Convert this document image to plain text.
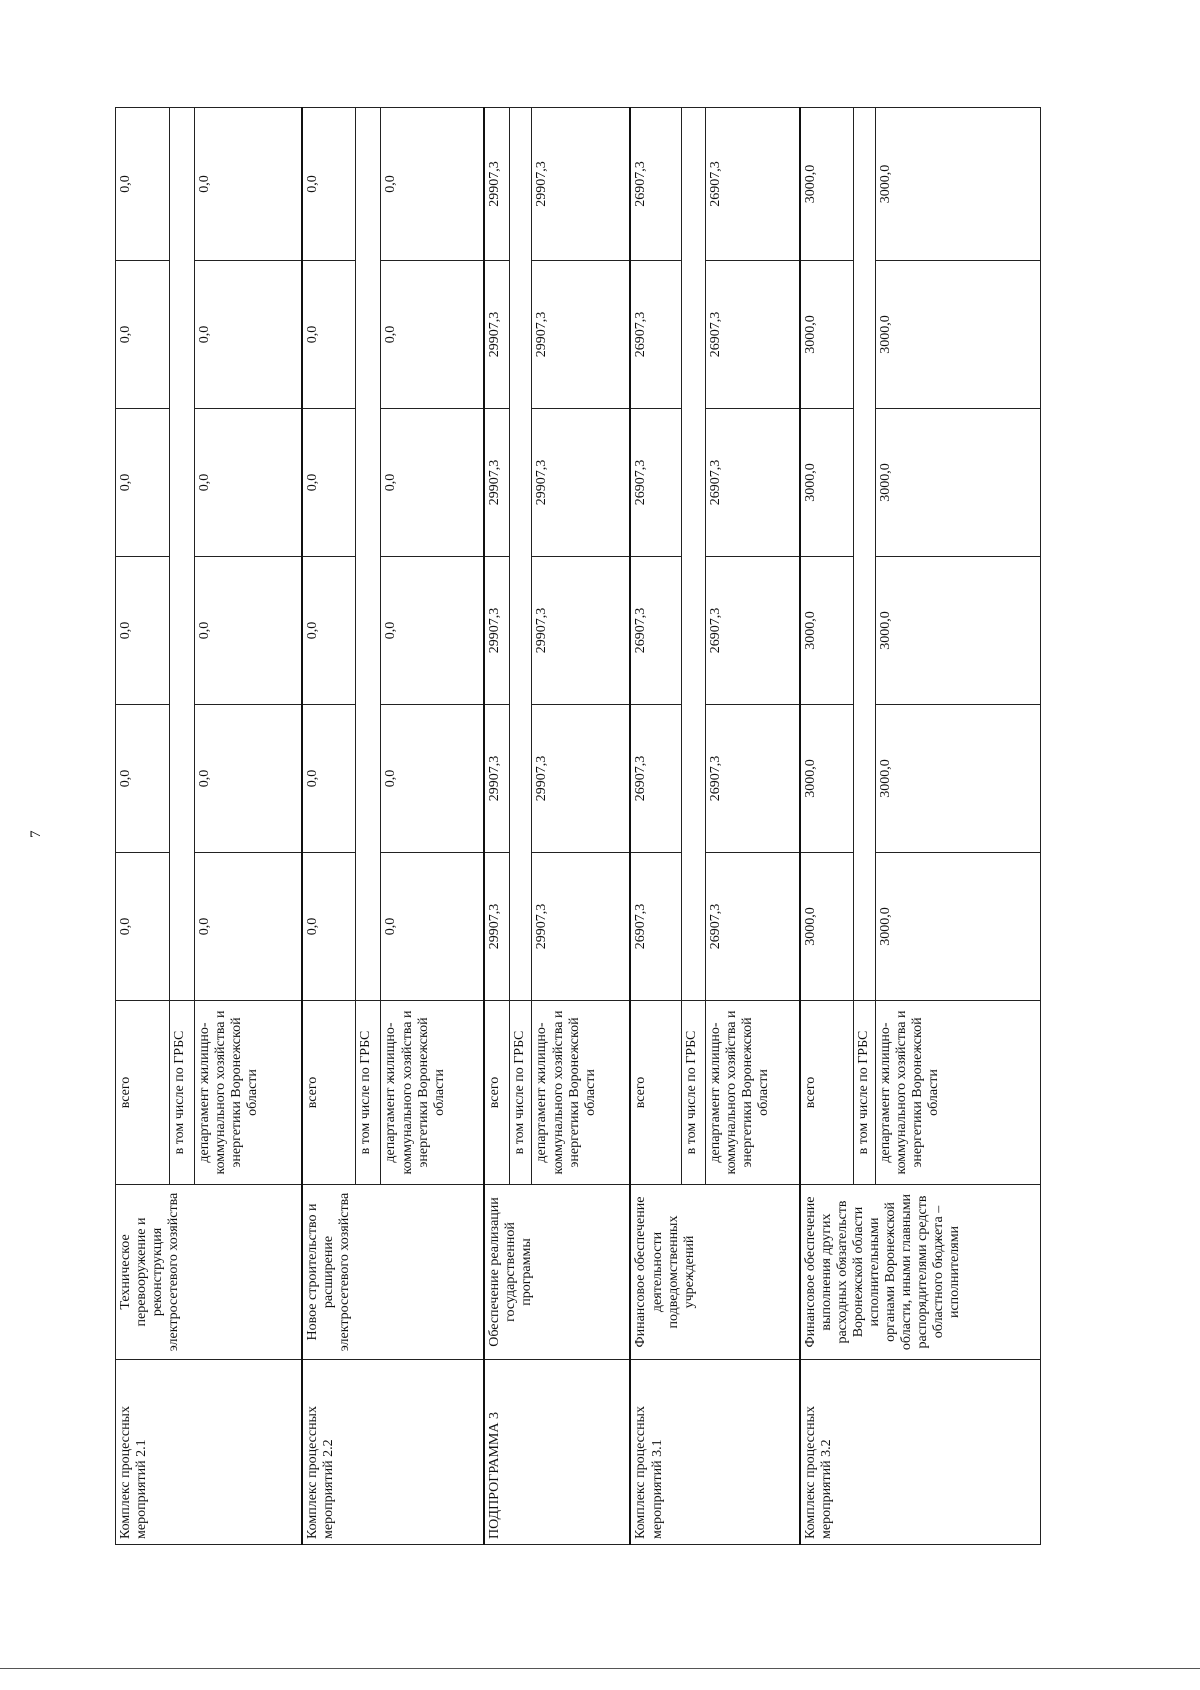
7
Комплекс процессных мероприятий 2.1	Техническое перевооружение и реконструкция электросетевого хозяйства	всего	0,0	0,0	0,0	0,0	0,0	0,0
		в том числе по ГРБС						
		департамент жилищно-коммунального хозяйства и энергетики Воронежской области	0,0	0,0	0,0	0,0	0,0	0,0
Комплекс процессных мероприятий 2.2	Новое строительство и расширение электросетевого хозяйства	всего	0,0	0,0	0,0	0,0	0,0	0,0
		в том числе по ГРБС						
		департамент жилищно-коммунального хозяйства и энергетики Воронежской области	0,0	0,0	0,0	0,0	0,0	0,0
ПОДПРОГРАММА 3	Обеспечение реализации государственной программы	всего	29907,3	29907,3	29907,3	29907,3	29907,3	29907,3
		в том числе по ГРБС						
		департамент жилищно-коммунального хозяйства и энергетики Воронежской области	29907,3	29907,3	29907,3	29907,3	29907,3	29907,3
Комплекс процессных мероприятий 3.1	Финансовое обеспечение деятельности подведомственных учреждений	всего	26907,3	26907,3	26907,3	26907,3	26907,3	26907,3
		в том числе по ГРБС						
		департамент жилищно-коммунального хозяйства и энергетики Воронежской области	26907,3	26907,3	26907,3	26907,3	26907,3	26907,3
Комплекс процессных мероприятий 3.2	Финансовое обеспечение выполнения других расходных обязательств Воронежской области исполнительными органами Воронежской области, иными главными распорядителями средств областного бюджета – исполнителями	всего	3000,0	3000,0	3000,0	3000,0	3000,0	3000,0
		в том числе по ГРБС						
		департамент жилищно-коммунального хозяйства и энергетики Воронежской области	3000,0	3000,0	3000,0	3000,0	3000,0	3000,0
